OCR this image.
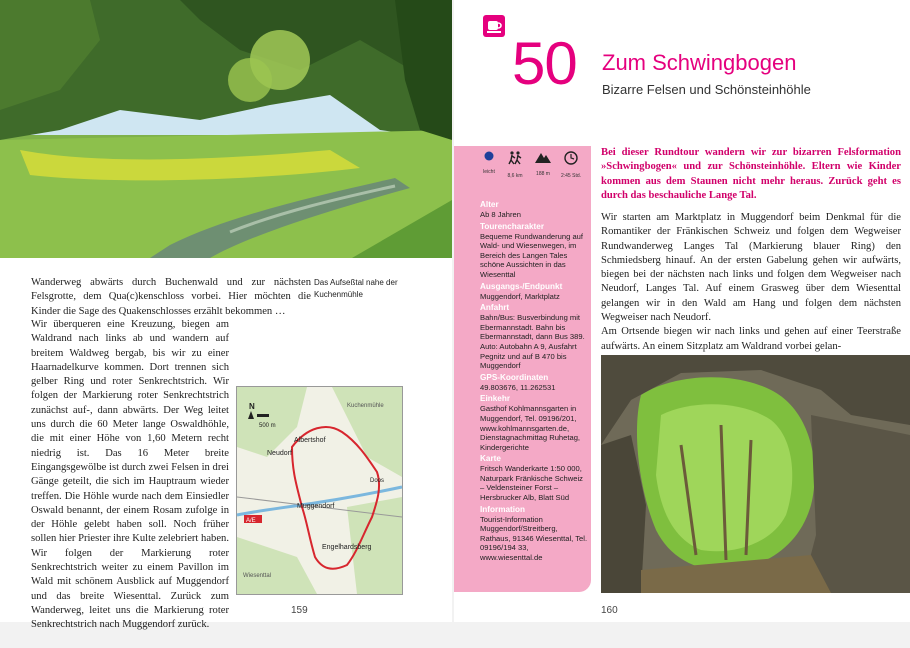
Wanderweg abwärts durch Buchenwald und zur nächsten Felsgrotte, dem Qua(c)kenschloss vorbei. Hier möchten die Kinder die Sage des Quakenschlosses erzählt bekommen …

Wir überqueren eine Kreuzung, biegen am Waldrand nach links ab und wandern auf breitem Waldweg bergab, bis wir zu einer Haarnadelkurve kommen. Dort trennen sich gelber Ring und roter Senkrechtstrich. Wir folgen der Markierung roter Senkrechtstrich zunächst auf-, dann abwärts. Der Weg leitet uns durch die 60 Meter lange Oswaldhöhle, die mit einer Höhe von 1,60 Metern recht niedrig ist. Das 16 Meter breite Eingangsgewölbe ist durch zwei Felsen in drei Gänge geteilt, die sich im Hauptraum wieder treffen. Die Höhle wurde nach dem Einsiedler Oswald benannt, der einem Rosam zufolge in der Höhle gelebt haben soll. Noch früher sollen hier Priester ihre Kulte zelebriert haben.

Wir folgen der Markierung roter Senkrechtstrich weiter zu einem Pavillon im Wald mit schönem Ausblick auf Muggendorf und das breite Wiesenttal. Zurück zum Wanderweg, leitet uns die Markierung roter Senkrechtstrich nach Muggendorf zurück.

Das Aufseßtal nahe der Kuchenmühle
A/E
Albertshof
Neudorf
Muggendorf
Engelhardsberg
Doos
Wiesenttal
Kuchenmühle
N
500 m
159
50 Zum Schwingbogen
Bizarre Felsen und Schönsteinhöhle
leicht
8,6 km	188 m	2:45 Std.
Alter
Ab 8 Jahren
Tourencharakter
Bequeme Rundwanderung auf Wald- und Wiesenwegen, im Bereich des Langen Tales schöne Aussichten in das Wiesenttal
Ausgangs-/Endpunkt
Muggendorf, Marktplatz
Anfahrt
Bahn/Bus: Busverbindung mit Ebermannstadt. Bahn bis Ebermannstadt, dann Bus 389. Auto: Autobahn A 9, Ausfahrt Pegnitz und auf B 470 bis Muggendorf
GPS-Koordinaten
49.803676, 11.262531
Einkehr
Gasthof Kohlmannsgarten in Muggendorf, Tel. 09196/201, www.kohlmannsgarten.de, Dienstagnachmittag Ruhetag, Kindergerichte
Karte
Fritsch Wanderkarte 1:50 000, Naturpark Fränkische Schweiz – Veldensteiner Forst – Hersbrucker Alb, Blatt Süd
Information
Tourist-Information Muggendorf/Streitberg, Rathaus, 91346 Wiesenttal, Tel. 09196/194 33, www.wiesenttal.de

Bei dieser Rundtour wandern wir zur bizarren Felsformation »Schwingbogen« und zur Schönsteinhöhle. Eltern wie Kinder kommen aus dem Staunen nicht mehr heraus. Zurück geht es durch das beschauliche Lange Tal.

Wir starten am Marktplatz in Muggendorf beim Denkmal für die Romantiker der Fränkischen Schweiz und folgen dem Wegweiser Rundwanderweg Langes Tal (Markierung blauer Ring) den Schmiedsberg hinauf. An der ersten Gabelung gehen wir aufwärts, biegen bei der nächsten nach links und folgen dem Wegweiser nach Neudorf, Langes Tal. Auf einem Grasweg über dem Wiesenttal gelangen wir in den Wald am Hang und folgen dem nächsten Wegweiser nach Neudorf.

Am Ortsende biegen wir nach links und gehen auf einer Teerstraße aufwärts. An einem Sitzplatz am Waldrand vorbei gelan-

160
